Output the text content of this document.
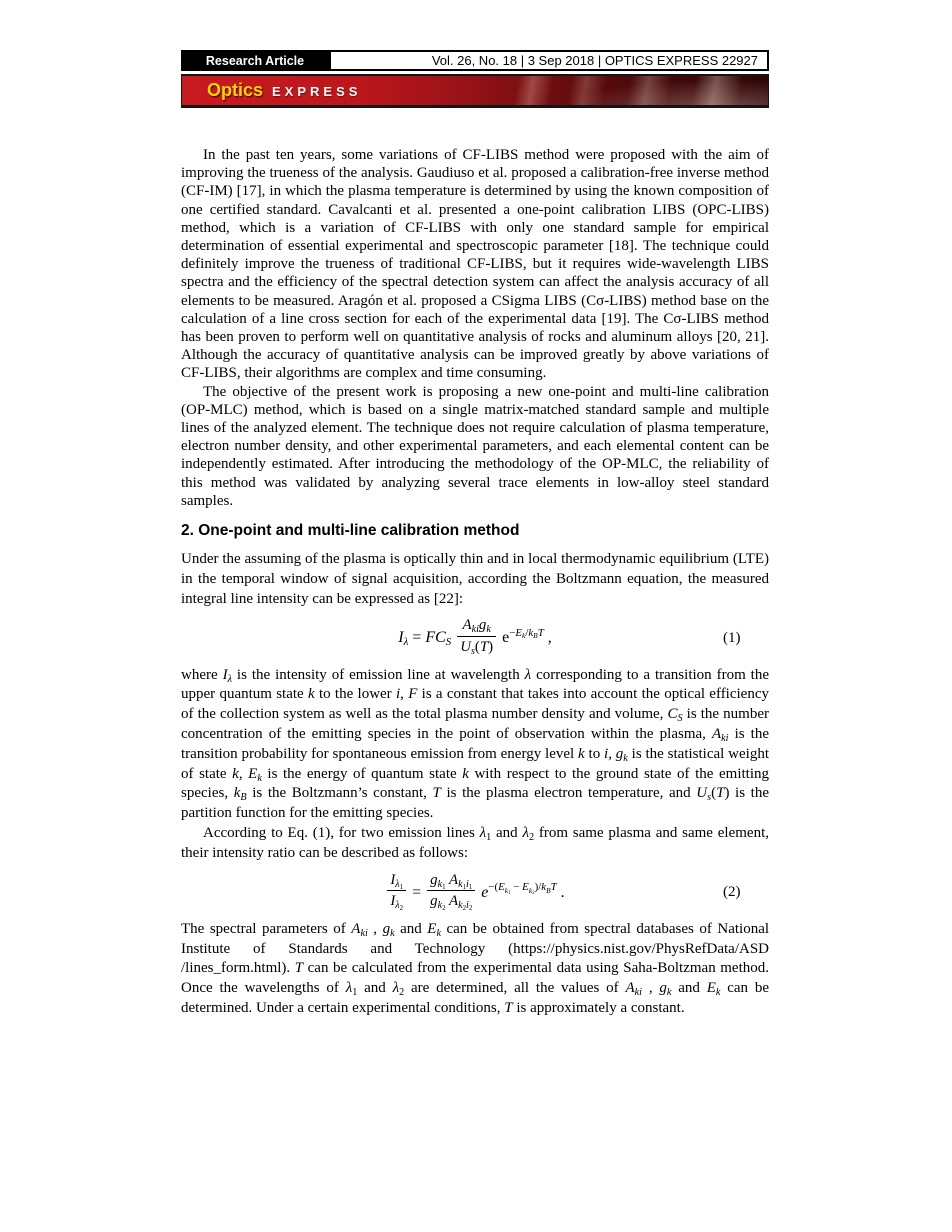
Research Article	Vol. 26, No. 18 | 3 Sep 2018 | OPTICS EXPRESS 22927
Optics EXPRESS

In the past ten years, some variations of CF-LIBS method were proposed with the aim of improving the trueness of the analysis. Gaudiuso et al. proposed a calibration-free inverse method (CF-IM) [17], in which the plasma temperature is determined by using the known composition of one certified standard. Cavalcanti et al. presented a one-point calibration LIBS (OPC-LIBS) method, which is a variation of CF-LIBS with only one standard sample for empirical determination of essential experimental and spectroscopic parameter [18]. The technique could definitely improve the trueness of traditional CF-LIBS, but it requires wide-wavelength LIBS spectra and the efficiency of the spectral detection system can affect the analysis accuracy of all elements to be measured. Aragón et al. proposed a CSigma LIBS (Cσ-LIBS) method base on the calculation of a line cross section for each of the experimental data [19]. The Cσ-LIBS method has been proven to perform well on quantitative analysis of rocks and aluminum alloys [20, 21]. Although the accuracy of quantitative analysis can be improved greatly by above variations of CF-LIBS, their algorithms are complex and time consuming.

The objective of the present work is proposing a new one-point and multi-line calibration (OP-MLC) method, which is based on a single matrix-matched standard sample and multiple lines of the analyzed element. The technique does not require calculation of plasma temperature, electron number density, and other experimental parameters, and each elemental content can be independently estimated. After introducing the methodology of the OP-MLC, the reliability of this method was validated by analyzing several trace elements in low-alloy steel standard samples.

2. One-point and multi-line calibration method

Under the assuming of the plasma is optically thin and in local thermodynamic equilibrium (LTE) in the temporal window of signal acquisition, according the Boltzmann equation, the measured integral line intensity can be expressed as [22]:

$I_\lambda = FC_S \frac{A_{ki}g_k}{U_s(T)} e^{-E_k/k_BT}$ ,	(1)

where $I_\lambda$ is the intensity of emission line at wavelength λ corresponding to a transition from the upper quantum state k to the lower i, F is a constant that takes into account the optical efficiency of the collection system as well as the total plasma number density and volume, $C_S$ is the number concentration of the emitting species in the point of observation within the plasma, $A_{ki}$ is the transition probability for spontaneous emission from energy level k to i, $g_k$ is the statistical weight of state k, $E_k$ is the energy of quantum state k with respect to the ground state of the emitting species, $k_B$ is the Boltzmann’s constant, T is the plasma electron temperature, and $U_s(T)$ is the partition function for the emitting species.

According to Eq. (1), for two emission lines $\lambda_1$ and $\lambda_2$ from same plasma and same element, their intensity ratio can be described as follows:

$\frac{I_{\lambda_1}}{I_{\lambda_2}} = \frac{g_{k_1} A_{k_1i_1}}{g_{k_2} A_{k_2i_2}} e^{-(E_{k_1} - E_{k_2})/k_BT}$ .	(2)

The spectral parameters of $A_{ki}$ , $g_k$ and $E_k$ can be obtained from spectral databases of National Institute of Standards and Technology (https://physics.nist.gov/PhysRefData/ASD /lines_form.html). T can be calculated from the experimental data using Saha-Boltzman method. Once the wavelengths of $\lambda_1$ and $\lambda_2$ are determined, all the values of $A_{ki}$ , $g_k$ and $E_k$ can be determined. Under a certain experimental conditions, T is approximately a constant.
